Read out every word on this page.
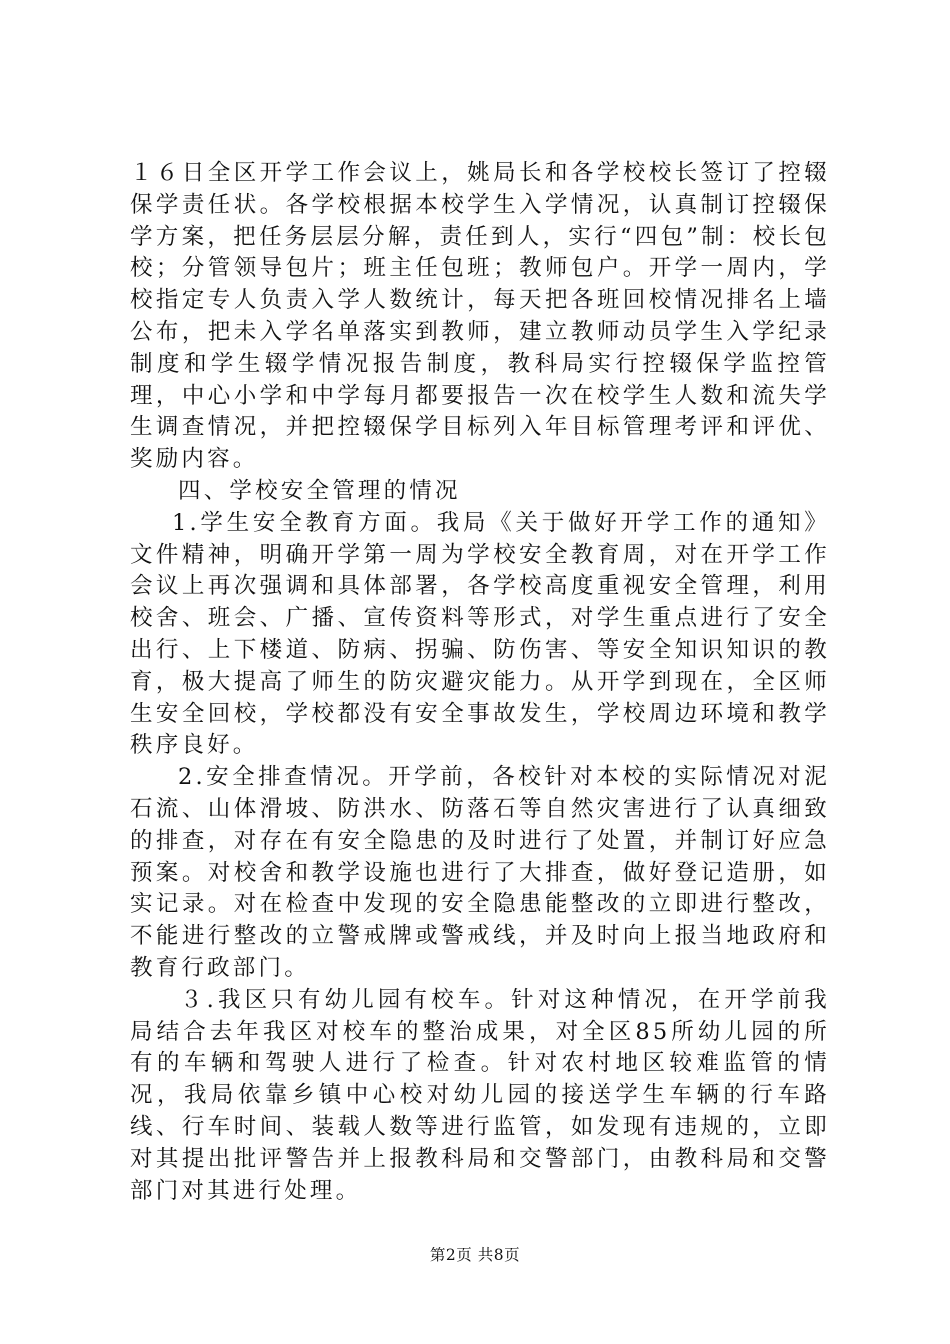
１６日全区开学工作会议上，姚局长和各学校校长签订了控辍保学责任状。各学校根据本校学生入学情况，认真制订控辍保学方案，把任务层层分解，责任到人，实行“四包”制：校长包校；分管领导包片；班主任包班；教师包户。开学一周内，学校指定专人负责入学人数统计，每天把各班回校情况排名上墙公布，把未入学名单落实到教师，建立教师动员学生入学纪录制度和学生辍学情况报告制度，教科局实行控辍保学监控管理，中心小学和中学每月都要报告一次在校学生人数和流失学生调查情况，并把控辍保学目标列入年目标管理考评和评优、奖励内容。

四、学校安全管理的情况

1.学生安全教育方面。我局《关于做好开学工作的通知》文件精神，明确开学第一周为学校安全教育周，对在开学工作会议上再次强调和具体部署，各学校高度重视安全管理，利用校舍、班会、广播、宣传资料等形式，对学生重点进行了安全出行、上下楼道、防病、拐骗、防伤害、等安全知识知识的教育，极大提高了师生的防灾避灾能力。从开学到现在，全区师生安全回校，学校都没有安全事故发生，学校周边环境和教学秩序良好。

2.安全排查情况。开学前，各校针对本校的实际情况对泥石流、山体滑坡、防洪水、防落石等自然灾害进行了认真细致的排查，对存在有安全隐患的及时进行了处置，并制订好应急预案。对校舍和教学设施也进行了大排查，做好登记造册，如实记录。对在检查中发现的安全隐患能整改的立即进行整改，不能进行整改的立警戒牌或警戒线，并及时向上报当地政府和教育行政部门。

３.我区只有幼儿园有校车。针对这种情况，在开学前我局结合去年我区对校车的整治成果，对全区85所幼儿园的所有的车辆和驾驶人进行了检查。针对农村地区较难监管的情况，我局依靠乡镇中心校对幼儿园的接送学生车辆的行车路线、行车时间、装载人数等进行监管，如发现有违规的，立即对其提出批评警告并上报教科局和交警部门，由教科局和交警部门对其进行处理。

第2页 共8页
